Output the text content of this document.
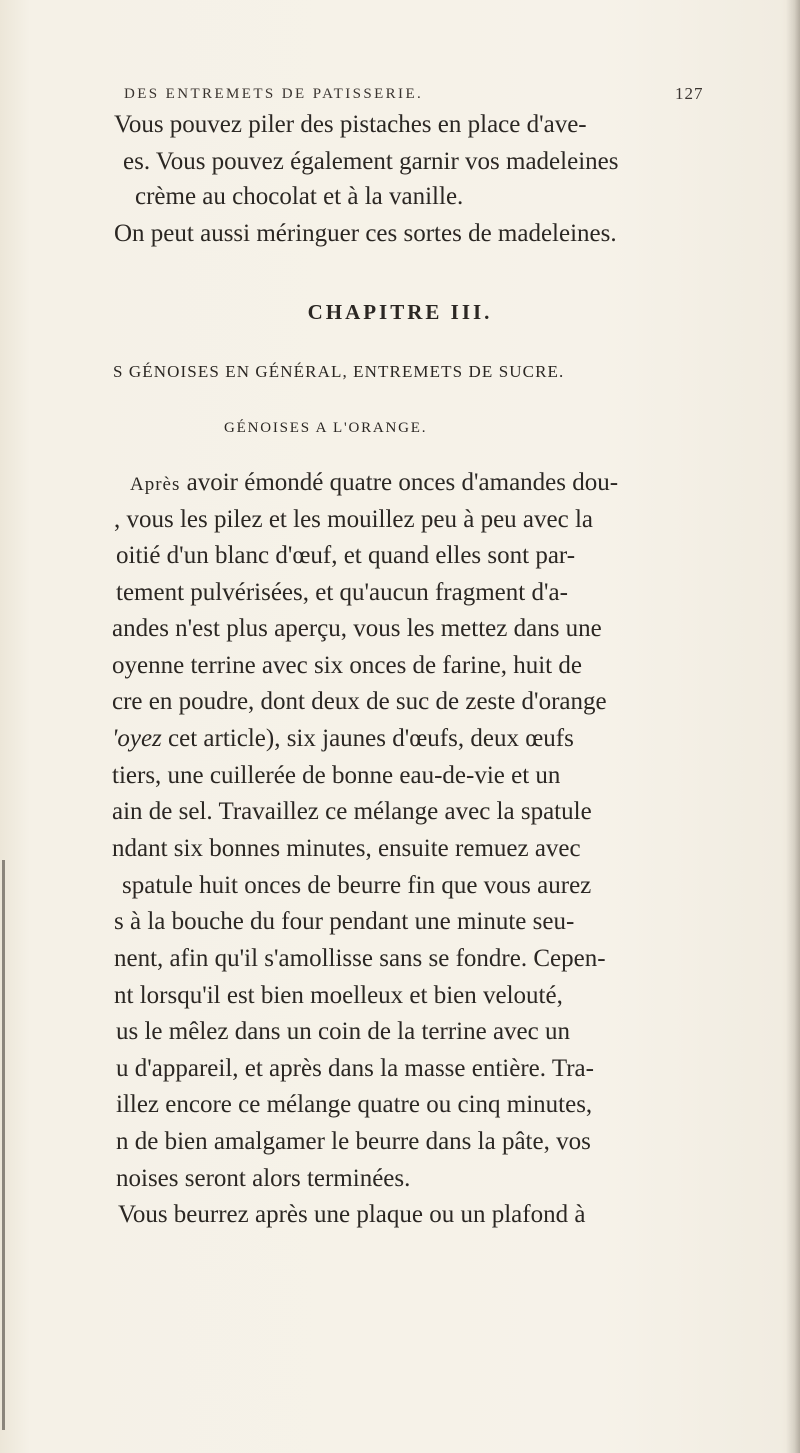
DES ENTREMETS DE PATISSERIE.	127
Vous pouvez piler des pistaches en place d'ave-
es. Vous pouvez également garnir vos madeleines
crème au chocolat et à la vanille.
On peut aussi méringuer ces sortes de madeleines.
CHAPITRE III.
S GÉNOISES EN GÉNÉRAL, ENTREMETS DE SUCRE.
GÉNOISES A L'ORANGE.
Après avoir émondé quatre onces d'amandes dou-
, vous les pilez et les mouillez peu à peu avec la
oitié d'un blanc d'œuf, et quand elles sont par-
tement pulvérisées, et qu'aucun fragment d'a-
andes n'est plus aperçu, vous les mettez dans une
oyenne terrine avec six onces de farine, huit de
cre en poudre, dont deux de suc de zeste d'orange
'oyez cet article), six jaunes d'œufs, deux œufs
tiers, une cuillerée de bonne eau-de-vie et un
ain de sel. Travaillez ce mélange avec la spatule
ndant six bonnes minutes, ensuite remuez avec
spatule huit onces de beurre fin que vous aurez
s à la bouche du four pendant une minute seu-
nent, afin qu'il s'amollisse sans se fondre. Cepen-
nt lorsqu'il est bien moelleux et bien velouté,
us le mêlez dans un coin de la terrine avec un
u d'appareil, et après dans la masse entière. Tra-
illez encore ce mélange quatre ou cinq minutes,
n de bien amalgamer le beurre dans la pâte, vos
noises seront alors terminées.
Vous beurrez après une plaque ou un plafond à
